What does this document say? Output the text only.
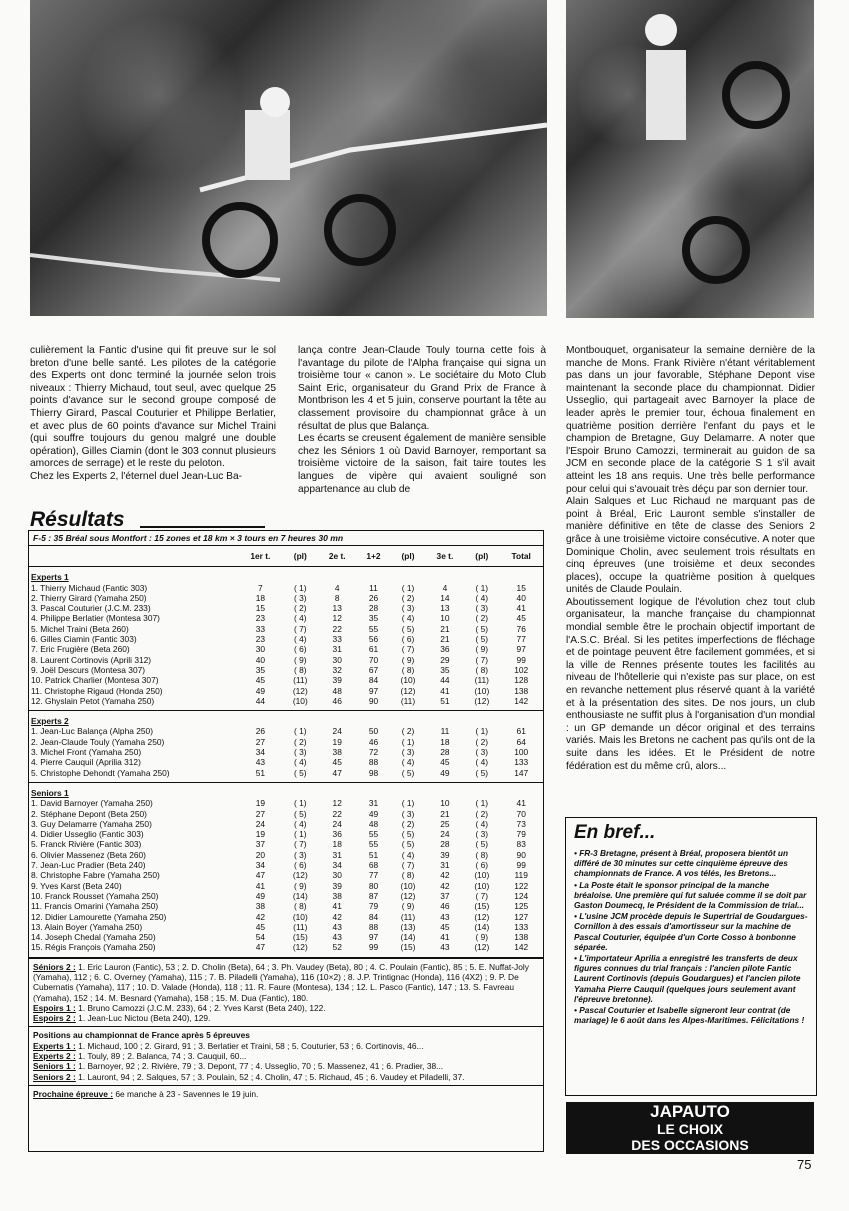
culièrement la Fantic d'usine qui fit preuve sur le sol breton d'une belle santé. Les pilotes de la catégorie des Experts ont donc terminé la journée selon trois niveaux : Thierry Michaud, tout seul, avec quelque 25 points d'avance sur le second groupe composé de Thierry Girard, Pascal Couturier et Philippe Berlatier, et avec plus de 60 points d'avance sur Michel Traini (qui souffre toujours du genou malgré une double opération), Gilles Ciamin (dont le 303 connut plusieurs amorces de serrage) et le reste du peloton.

Chez les Experts 2, l'éternel duel Jean-Luc Ba-

lança contre Jean-Claude Touly tourna cette fois à l'avantage du pilote de l'Alpha française qui signa un troisième tour « canon ». Le sociétaire du Moto Club Saint Eric, organisateur du Grand Prix de France à Montbrison les 4 et 5 juin, conserve pourtant la tête au classement provisoire du championnat grâce à un résultat de plus que Balança.

Les écarts se creusent également de manière sensible chez les Séniors 1 où David Barnoyer, remportant sa troisième victoire de la saison, fait taire toutes les langues de vipère qui avaient souligné son appartenance au club de

Montbouquet, organisateur la semaine dernière de la manche de Mons. Frank Rivière n'étant véritablement pas dans un jour favorable, Stéphane Depont vise maintenant la seconde place du championnat. Didier Usseglio, qui partageait avec Barnoyer la place de leader après le premier tour, échoua finalement en quatrième position derrière l'enfant du pays et le champion de Bretagne, Guy Delamarre. A noter que l'Espoir Bruno Camozzi, terminerait au guidon de sa JCM en seconde place de la catégorie S 1 s'il avait atteint les 18 ans requis. Une très belle performance pour celui qui s'avouait très déçu par son dernier tour.

Alain Salques et Luc Richaud ne marquant pas de point à Bréal, Eric Lauront semble s'installer de manière définitive en tête de classe des Seniors 2 grâce à une troisième victoire consécutive. A noter que Dominique Cholin, avec seulement trois résultats en cinq épreuves (une troisième et deux secondes places), occupe la quatrième position à quelques unités de Claude Poulain.

Aboutissement logique de l'évolution chez tout club organisateur, la manche française du championnat mondial semble être le prochain objectif important de l'A.S.C. Bréal. Si les petites imperfections de fléchage et de pointage peuvent être facilement gommées, et si la ville de Rennes présente toutes les facilités au niveau de l'hôtellerie qui n'existe pas sur place, on est en revanche nettement plus réservé quant à la variété et à la présentation des sites. De nos jours, un club enthousiaste ne suffit plus à l'organisation d'un mondial : un GP demande un décor original et des terrains variés. Mais les Bretons ne cachent pas qu'ils ont de la suite dans les idées. Et le Président de notre fédération est du même crû, alors...

Résultats
F-5 : 35 Bréal sous Montfort : 15 zones et 18 km × 3 tours en 7 heures 30 mn
	1er t.	(pl)	2e t.	1+2	(pl)	3e t.	(pl)	Total

Experts 1								
1. Thierry Michaud (Fantic 303)	7	( 1)	4	11	( 1)	4	( 1)	15
2. Thierry Girard (Yamaha 250)	18	( 3)	8	26	( 2)	14	( 4)	40
3. Pascal Couturier (J.C.M. 233)	15	( 2)	13	28	( 3)	13	( 3)	41
4. Philippe Berlatier (Montesa 307)	23	( 4)	12	35	( 4)	10	( 2)	45
5. Michel Traini (Beta 260)	33	( 7)	22	55	( 5)	21	( 5)	76
6. Gilles Ciamin (Fantic 303)	23	( 4)	33	56	( 6)	21	( 5)	77
7. Eric Frugière (Beta 260)	30	( 6)	31	61	( 7)	36	( 9)	97
8. Laurent Cortinovis (Aprili 312)	40	( 9)	30	70	( 9)	29	( 7)	99
9. Joël Descurs (Montesa 307)	35	( 8)	32	67	( 8)	35	( 8)	102
10. Patrick Charlier (Montesa 307)	45	(11)	39	84	(10)	44	(11)	128
11. Christophe Rigaud (Honda 250)	49	(12)	48	97	(12)	41	(10)	138
12. Ghyslain Petot (Yamaha 250)	44	(10)	46	90	(11)	51	(12)	142

Experts 2								
1. Jean-Luc Balança (Alpha 250)	26	( 1)	24	50	( 2)	11	( 1)	61
2. Jean-Claude Touly (Yamaha 250)	27	( 2)	19	46	( 1)	18	( 2)	64
3. Michel Front (Yamaha 250)	34	( 3)	38	72	( 3)	28	( 3)	100
4. Pierre Cauquil (Aprilia 312)	43	( 4)	45	88	( 4)	45	( 4)	133
5. Christophe Dehondt (Yamaha 250)	51	( 5)	47	98	( 5)	49	( 5)	147

Seniors 1								
1. David Barnoyer (Yamaha 250)	19	( 1)	12	31	( 1)	10	( 1)	41
2. Stéphane Depont (Beta 250)	27	( 5)	22	49	( 3)	21	( 2)	70
3. Guy Delamarre (Yamaha 250)	24	( 4)	24	48	( 2)	25	( 4)	73
4. Didier Usseglio (Fantic 303)	19	( 1)	36	55	( 5)	24	( 3)	79
5. Franck Rivière (Fantic 303)	37	( 7)	18	55	( 5)	28	( 5)	83
6. Olivier Massenez (Beta 260)	20	( 3)	31	51	( 4)	39	( 8)	90
7. Jean-Luc Pradier (Beta 240)	34	( 6)	34	68	( 7)	31	( 6)	99
8. Christophe Fabre (Yamaha 250)	47	(12)	30	77	( 8)	42	(10)	119
9. Yves Karst (Beta 240)	41	( 9)	39	80	(10)	42	(10)	122
10. Franck Rousset (Yamaha 250)	49	(14)	38	87	(12)	37	( 7)	124
11. Francis Omarini (Yamaha 250)	38	( 8)	41	79	( 9)	46	(15)	125
12. Didier Lamourette (Yamaha 250)	42	(10)	42	84	(11)	43	(12)	127
13. Alain Boyer (Yamaha 250)	45	(11)	43	88	(13)	45	(14)	133
14. Joseph Chedal (Yamaha 250)	54	(15)	43	97	(14)	41	( 9)	138
15. Régis François (Yamaha 250)	47	(12)	52	99	(15)	43	(12)	142

Séniors 2 : 1. Eric Lauron (Fantic), 53 ; 2. D. Cholin (Beta), 64 ; 3. Ph. Vaudey (Beta), 80 ; 4. C. Poulain (Fantic), 85 ; 5. E. Nuffat-Joly (Yamaha), 112 ; 6. C. Overney (Yamaha), 115 ; 7. B. Piladelli (Yamaha), 116 (10×2) ; 8. J.P. Trintignac (Honda), 116 (4X2) ; 9. P. De Cubernatis (Yamaha), 117 ; 10. D. Valade (Honda), 118 ; 11. R. Faure (Montesa), 134 ; 12. L. Pasco (Fantic), 147 ; 13. S. Favreau (Yamaha), 152 ; 14. M. Besnard (Yamaha), 158 ; 15. M. Dua (Fantic), 180.
Espoirs 1 : 1. Bruno Camozzi (J.C.M. 233), 64 ; 2. Yves Karst (Beta 240), 122.
Espoirs 2 : 1. Jean-Luc Nictou (Beta 240), 129.
Positions au championnat de France après 5 épreuves
Experts 1 : 1. Michaud, 100 ; 2. Girard, 91 ; 3. Berlatier et Traini, 58 ; 5. Couturier, 53 ; 6. Cortinovis, 46...
Experts 2 : 1. Touly, 89 ; 2. Balanca, 74 ; 3. Cauquil, 60...
Seniors 1 : 1. Barnoyer, 92 ; 2. Rivière, 79 ; 3. Depont, 77 ; 4. Usseglio, 70 ; 5. Massenez, 41 ; 6. Pradier, 38...
Seniors 2 : 1. Lauront, 94 ; 2. Salques, 57 ; 3. Poulain, 52 ; 4. Cholin, 47 ; 5. Richaud, 45 ; 6. Vaudey et Piladelli, 37.
Prochaine épreuve : 6e manche à 23 - Savennes le 19 juin.
En bref...
• FR-3 Bretagne, présent à Bréal, proposera bientôt un différé de 30 minutes sur cette cinquième épreuve des championnats de France. A vos télés, les Bretons...
• La Poste était le sponsor principal de la manche bréaloise. Une première qui fut saluée comme il se doit par Gaston Doumecq, le Président de la Commission de trial...
• L'usine JCM procède depuis le Supertrial de Goudargues-Cornillon à des essais d'amortisseur sur la machine de Pascal Couturier, équipée d'un Corte Cosso à bonbonne séparée.
• L'importateur Aprilia a enregistré les transferts de deux figures connues du trial français : l'ancien pilote Fantic Laurent Cortinovis (depuis Goudargues) et l'ancien pilote Yamaha Pierre Cauquil (quelques jours seulement avant l'épreuve bretonne).
• Pascal Couturier et Isabelle signeront leur contrat (de mariage) le 6 août dans les Alpes-Maritimes. Félicitations !
JAPAUTO
LE CHOIX
DES OCCASIONS
75
